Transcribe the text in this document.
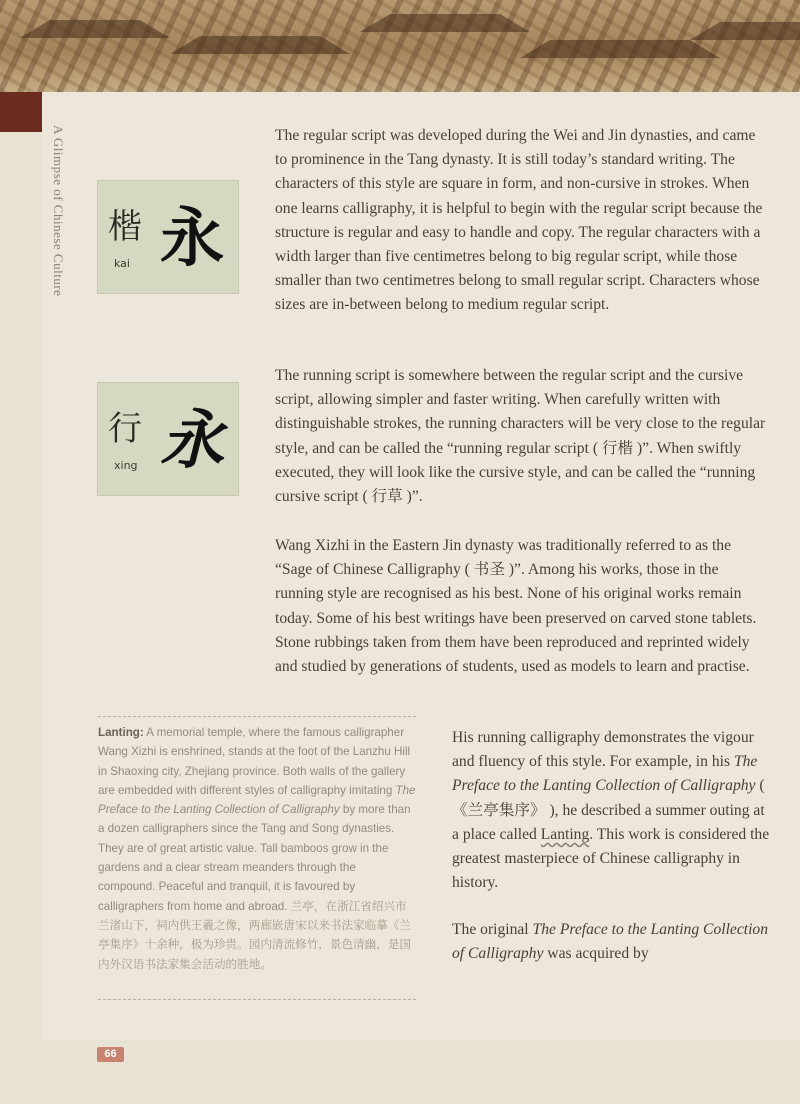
A Glimpse of Chinese Culture 楷
kai 永
行
xing 永

The regular script was developed during the Wei and Jin dynasties, and came to prominence in the Tang dynasty. It is still today’s standard writing. The characters of this style are square in form, and non-cursive in strokes. When one learns calligraphy, it is helpful to begin with the regular script because the structure is regular and easy to handle and copy. The regular characters with a width larger than five centimetres belong to big regular script, while those smaller than two centimetres belong to small regular script. Characters whose sizes are in-between belong to medium regular script.

The running script is somewhere between the regular script and the cursive script, allowing simpler and faster writing. When carefully written with distinguishable strokes, the running characters will be very close to the regular style, and can be called the “running regular script ( 行楷 )”. When swiftly executed, they will look like the cursive style, and can be called the “running cursive script ( 行草 )”.

Wang Xizhi in the Eastern Jin dynasty was traditionally referred to as the “Sage of Chinese Calligraphy ( 书圣 )”. Among his works, those in the running style are recognised as his best. None of his original works remain today. Some of his best writings have been preserved on carved stone tablets. Stone rubbings taken from them have been reproduced and reprinted widely and studied by generations of students, used as models to learn and practise.

His running calligraphy demonstrates the vigour and fluency of this style. For example, in his The Preface to the Lanting Collection of Calligraphy ( 《兰亭集序》 ), he described a summer outing at a place called Lanting. This work is considered the greatest masterpiece of Chinese calligraphy in history.

The original The Preface to the Lanting Collection of Calligraphy was acquired by

Lanting: A memorial temple, where the famous calligrapher Wang Xizhi is enshrined, stands at the foot of the Lanzhu Hill in Shaoxing city, Zhejiang province. Both walls of the gallery are embedded with different styles of calligraphy imitating The Preface to the Lanting Collection of Calligraphy by more than a dozen calligraphers since the Tang and Song dynasties. They are of great artistic value. Tall bamboos grow in the gardens and a clear stream meanders through the compound. Peaceful and tranquil, it is favoured by calligraphers from home and abroad. 兰亭，在浙江省绍兴市兰渚山下，祠内供王羲之像，两廊嵌唐宋以来书法家临摹《兰亭集序》十余种，极为珍贵。园内清流修竹，景色清幽，是国内外汉语书法家集会活动的胜地。
66
